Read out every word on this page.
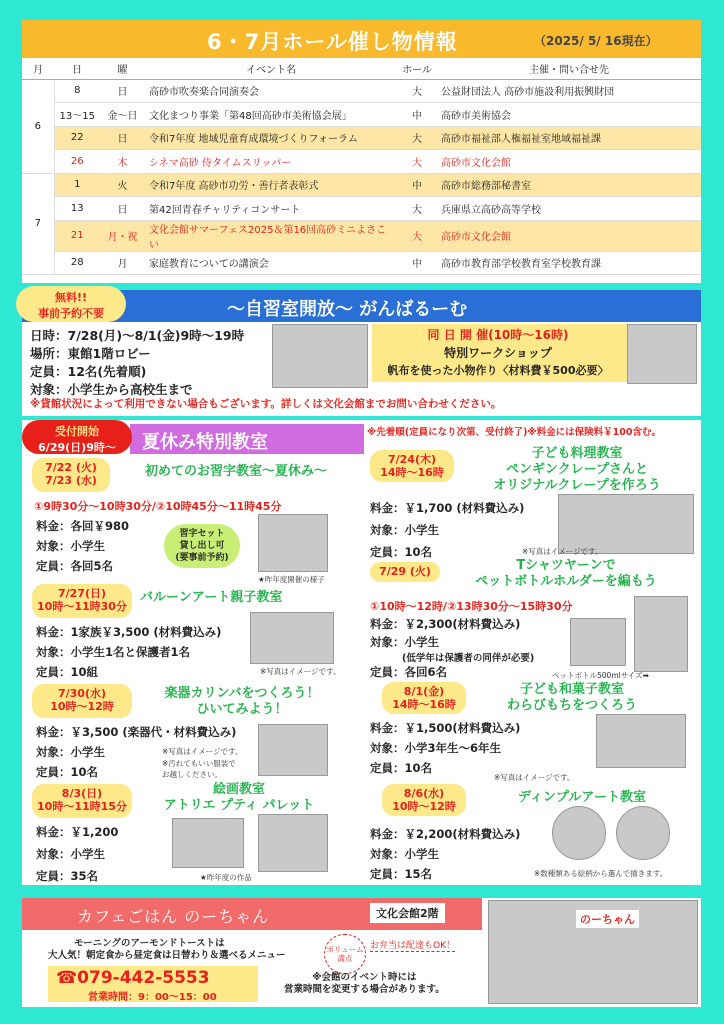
6・7月ホール催し物情報	（2025/ 5/ 16現在）
月	日	曜	イベント名	ホール	主催・問い合せ先
6	8	日	高砂市吹奏楽合同演奏会	大	公益財団法人 高砂市施設利用振興財団
	13～15	金～日	文化まつり事業「第48回高砂市美術協会展」	中	高砂市美術協会
	22	日	令和7年度 地域児童育成環境づくりフォーラム	大	高砂市福祉部人権福祉室地域福祉課
	26	木	シネマ高砂 侍タイムスリッパー	大	高砂市文化会館
7	1	火	令和7年度 高砂市功労・善行者表彰式	中	高砂市総務部秘書室
	13	日	第42回青春チャリティコンサート	大	兵庫県立高砂高等学校
	21	月・祝	文化会館サマーフェス2025＆第16回高砂ミニよさこい	大	高砂市文化会館
	28	月	家庭教育についての講演会	中	高砂市教育部学校教育室学校教育課
～自習室開放～ がんばるーむ
無料!!
事前予約不要
日時：7/28(月)～8/1(金)9時～19時
場所：東館1階ロビー
定員：12名(先着順)
対象：小学生から高校生まで
同 日 開 催(10時～16時)
特別ワークショップ
帆布を使った小物作り〈材料費￥500必要〉
※貸館状況によって利用できない場合もございます。詳しくは文化会館までお問い合わせください。
夏休み特別教室
受付開始
6/29(日)9時～
※先着順(定員になり次第、受付終了)※料金には保険料￥100含む。
7/22 (火)
7/23 (水)
初めてのお習字教室～夏休み～
①9時30分～10時30分/②10時45分～11時45分
料金：各回￥980
対象：小学生
定員：各回5名
習字セット
貸し出し可
(要事前予約)
★昨年度開催の様子
7/27(日)
10時～11時30分
バルーンアート親子教室
料金：1家族￥3,500 (材料費込み)
対象：小学生1名と保護者1名
定員：10組	※写真はイメージです。
7/30(水)
10時～12時
楽器カリンバをつくろう！
ひいてみよう！
料金：￥3,500 (楽器代・材料費込み)
対象：小学生
定員：10名
※写真はイメージです。
※汚れてもいい服装で
お越しください。
8/3(日)
10時～11時15分
絵画教室
アトリエ プティ パレット
料金：￥1,200
対象：小学生
定員：35名	★昨年度の作品
7/24(木)
14時～16時
子ども料理教室
ペンギンクレープさんと
オリジナルクレープを作ろう
料金：￥1,700 (材料費込み)
対象：小学生
定員：10名	※写真はイメージです。
7/29 (火)	Tシャツヤーンで
ペットボトルホルダーを編もう
①10時～12時/②13時30分～15時30分
料金：￥2,300(材料費込み)
対象：小学生
(低学年は保護者の同伴が必要)
定員：各回6名	ペットボトル500mlサイズ➡
8/1(金)
14時～16時
子ども和菓子教室
わらびもちをつくろう
料金：￥1,500(材料費込み)
対象：小学3年生～6年生
定員：10名
※写真はイメージです。
8/6(水)
10時～12時
ディンプルアート教室
料金：￥2,200(材料費込み)
対象：小学生
定員：15名	※数種類ある絵柄から選んで描きます。
カフェごはん のーちゃん	文化会館2階
モーニングのアーモンドトーストは
大人気！朝定食から昼定食は日替わり＆選べるメニュー
ボリューム
満点
お弁当は配達もOK！
☎079-442-5553
営業時間：9：00～15：00
※会館のイベント時には
営業時間を変更する場合があります。
のーちゃん
